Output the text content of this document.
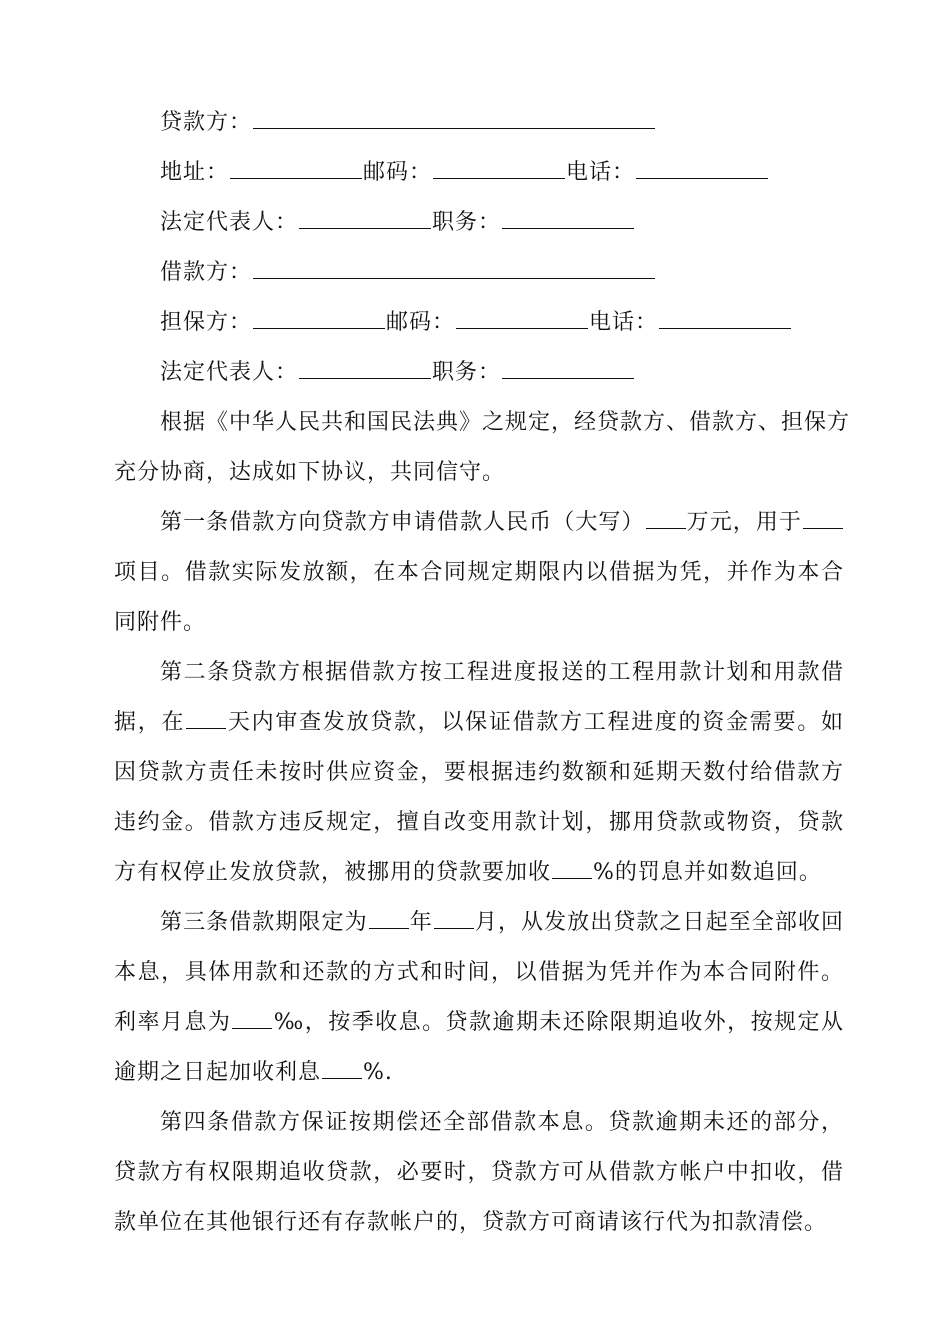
贷款方：
地址：	邮码：	电话：
法定代表人：	职务：
借款方：
担保方：	邮码：	电话：
法定代表人：	职务：
根据《中华人民共和国民法典》之规定，经贷款方、借款方、担保方
充分协商，达成如下协议，共同信守。

第一条借款方向贷款方申请借款人民币（大写） 万元，用于项目。借款实际发放额，在本合同规定期限内以借据为凭，并作为本合同附件。

第二条贷款方根据借款方按工程进度报送的工程用款计划和用款借据，在 天内审查发放贷款，以保证借款方工程进度的资金需要。如因贷款方责任未按时供应资金，要根据违约数额和延期天数付给借款方违约金。借款方违反规定，擅自改变用款计划，挪用贷款或物资，贷款方有权停止发放贷款，被挪用的贷款要加收 %的罚息并如数追回。

第三条借款期限定为 年 月，从发放出贷款之日起至全部收回本息，具体用款和还款的方式和时间，以借据为凭并作为本合同附件。利率月息为 ‰，按季收息。贷款逾期未还除限期追收外，按规定从逾期之日起加收利息 %.

第四条借款方保证按期偿还全部借款本息。贷款逾期未还的部分，贷款方有权限期追收贷款，必要时，贷款方可从借款方帐户中扣收，借款单位在其他银行还有存款帐户的，贷款方可商请该行代为扣款清偿。
